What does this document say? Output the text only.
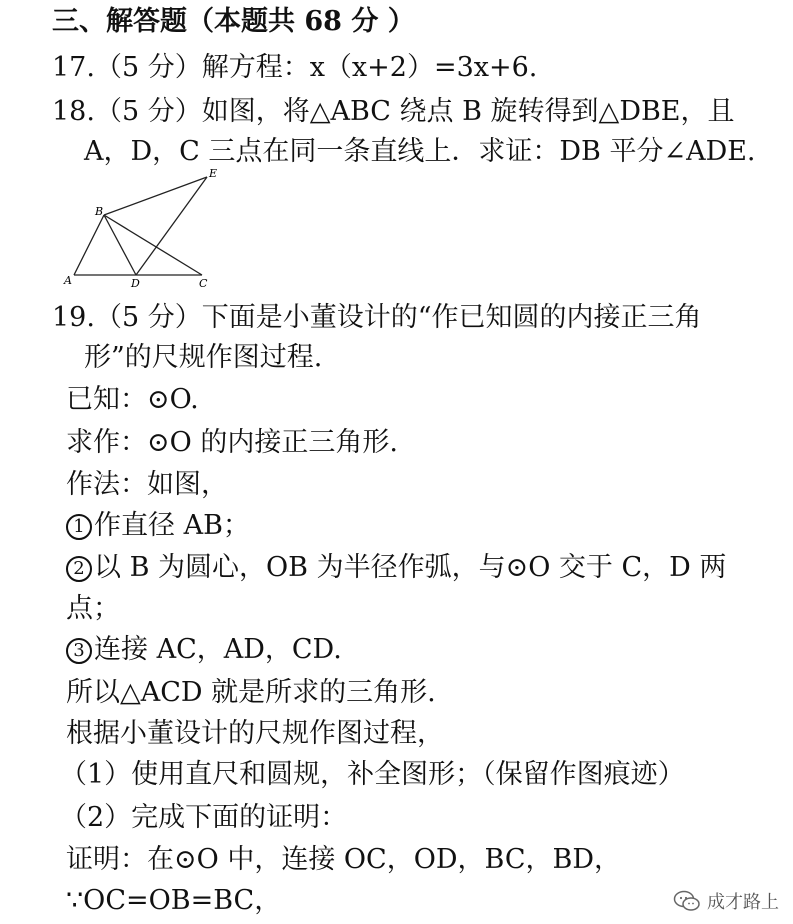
三、解答题（本题共 68 分 ）
17.（5 分）解方程：x（x+2）=3x+6.
18.（5 分）如图，将△ABC 绕点 B 旋转得到△DBE，且
A，D，C 三点在同一条直线上．求证：DB 平分∠ADE.
E
B
A	D	C
19.（5 分）下面是小董设计的“作已知圆的内接正三角
形”的尺规作图过程.
已知：⊙O.
求作：⊙O 的内接正三角形.
作法：如图，
1 作直径 AB；
2 以 B 为圆心，OB 为半径作弧，与⊙O 交于 C，D 两
点；
3 连接 AC，AD，CD.
所以△ACD 就是所求的三角形.
根据小董设计的尺规作图过程，
（1）使用直尺和圆规，补全图形；（保留作图痕迹）
（2）完成下面的证明：
证明：在⊙O 中，连接 OC，OD，BC，BD，
∵OC=OB=BC，	成才路上
